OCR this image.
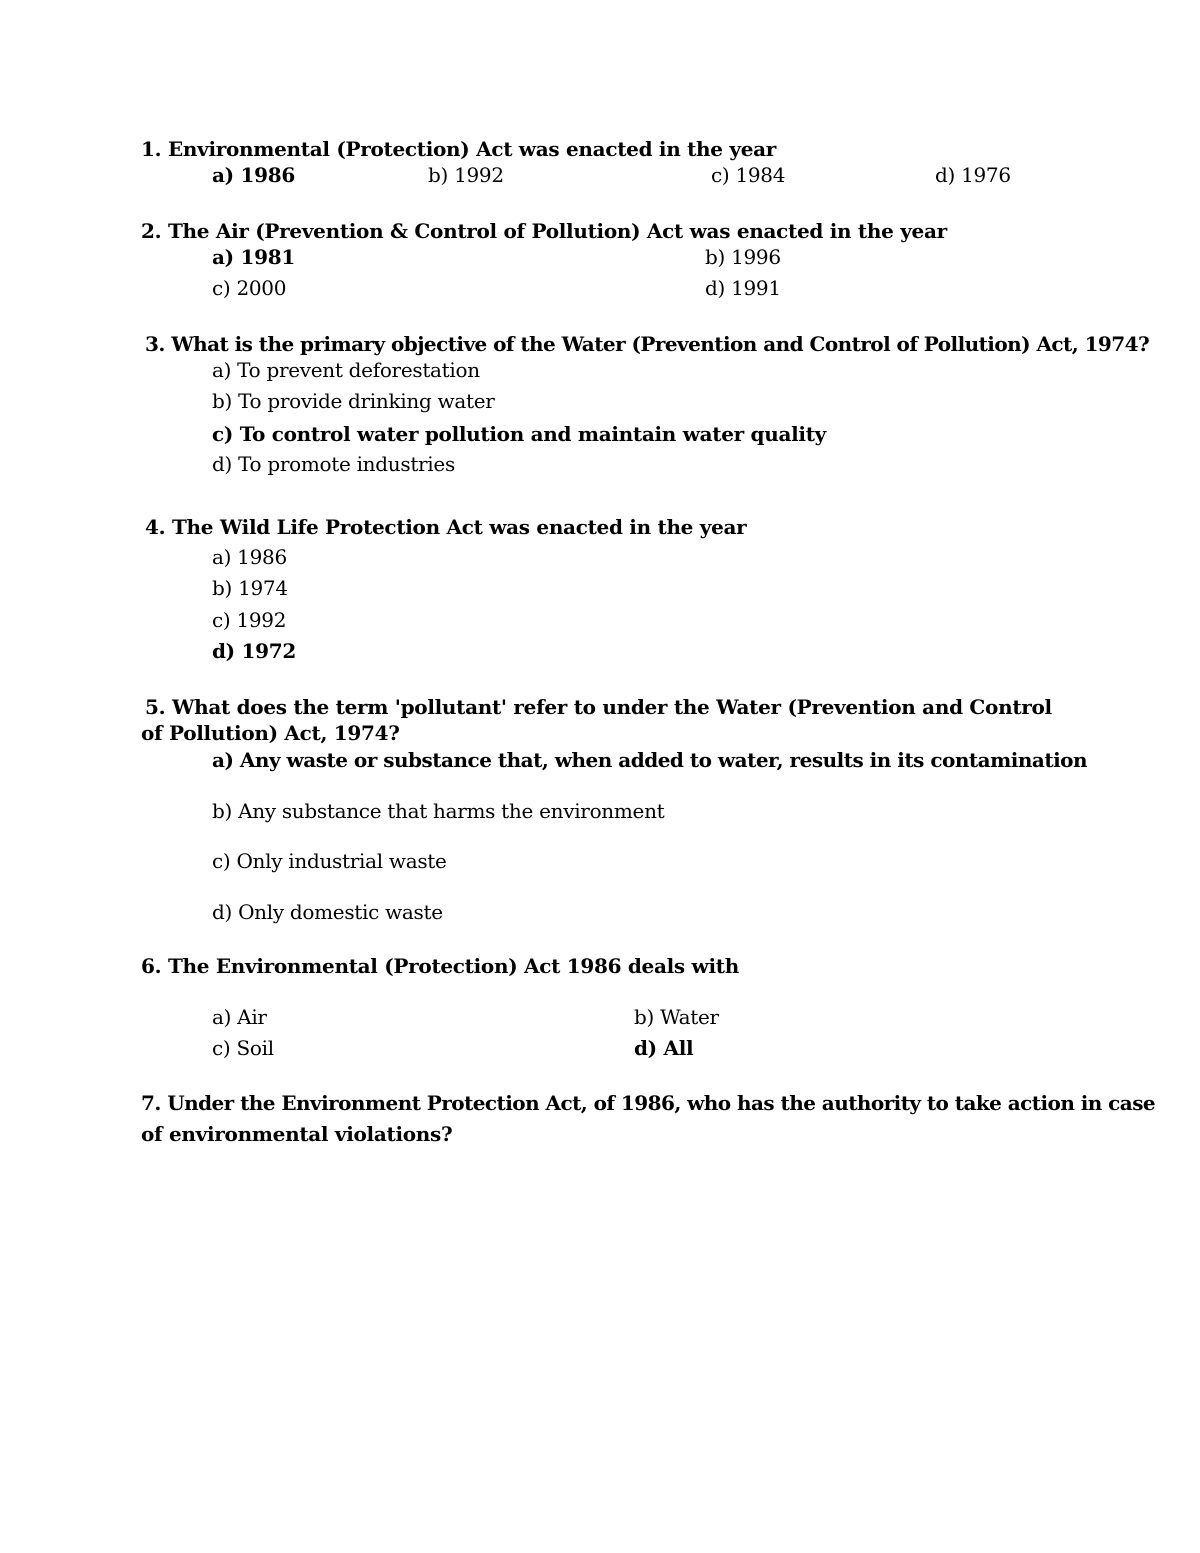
1. Environmental (Protection) Act was enacted in the year
a) 1986	b) 1992	c) 1984	d) 1976
2. The Air (Prevention & Control of Pollution) Act was enacted in the year
a) 1981	b) 1996
c) 2000	d) 1991
3. What is the primary objective of the Water (Prevention and Control of Pollution) Act, 1974?
a) To prevent deforestation
b) To provide drinking water
c) To control water pollution and maintain water quality
d) To promote industries
4. The Wild Life Protection Act was enacted in the year
a) 1986
b) 1974
c) 1992
d) 1972
5. What does the term 'pollutant' refer to under the Water (Prevention and Control
of Pollution) Act, 1974?
a) Any waste or substance that, when added to water, results in its contamination
b) Any substance that harms the environment
c) Only industrial waste
d) Only domestic waste
6. The Environmental (Protection) Act 1986 deals with
a) Air	b) Water
c) Soil	d) All
7. Under the Environment Protection Act, of 1986, who has the authority to take action in case
of environmental violations?
